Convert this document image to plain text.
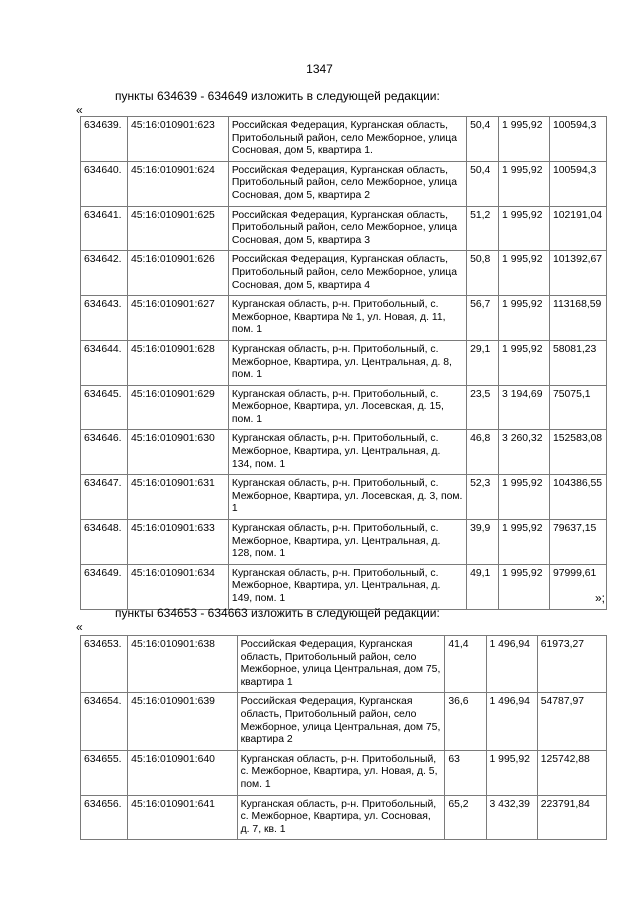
1347
пункты 634639 - 634649 изложить в следующей редакции:
«
634639.	45:16:010901:623	Российская Федерация, Курганская область, Притобольный район, село Межборное, улица Сосновая, дом 5, квартира 1.	50,4	1 995,92	100594,3
634640.	45:16:010901:624	Российская Федерация, Курганская область, Притобольный район, село Межборное, улица Сосновая, дом 5, квартира 2	50,4	1 995,92	100594,3
634641.	45:16:010901:625	Российская Федерация, Курганская область, Притобольный район, село Межборное, улица Сосновая, дом 5, квартира 3	51,2	1 995,92	102191,04
634642.	45:16:010901:626	Российская Федерация, Курганская область, Притобольный район, село Межборное, улица Сосновая, дом 5, квартира 4	50,8	1 995,92	101392,67
634643.	45:16:010901:627	Курганская область, р-н. Притобольный, с. Межборное, Квартира № 1, ул. Новая, д. 11, пом. 1	56,7	1 995,92	113168,59
634644.	45:16:010901:628	Курганская область, р-н. Притобольный, с. Межборное, Квартира, ул. Центральная, д. 8, пом. 1	29,1	1 995,92	58081,23
634645.	45:16:010901:629	Курганская область, р-н. Притобольный, с. Межборное, Квартира, ул. Лосевская, д. 15, пом. 1	23,5	3 194,69	75075,1
634646.	45:16:010901:630	Курганская область, р-н. Притобольный, с. Межборное, Квартира, ул. Центральная, д. 134, пом. 1	46,8	3 260,32	152583,08
634647.	45:16:010901:631	Курганская область, р-н. Притобольный, с. Межборное, Квартира, ул. Лосевская, д. 3, пом. 1	52,3	1 995,92	104386,55
634648.	45:16:010901:633	Курганская область, р-н. Притобольный, с. Межборное, Квартира, ул. Центральная, д. 128, пом. 1	39,9	1 995,92	79637,15
634649.	45:16:010901:634	Курганская область, р-н. Притобольный, с. Межборное, Квартира, ул. Центральная, д. 149, пом. 1	49,1	1 995,92	97999,61
»;
пункты 634653 - 634663 изложить в следующей редакции:
«
634653.	45:16:010901:638	Российская Федерация, Курганская область, Притобольный район, село Межборное, улица Центральная, дом 75, квартира 1	41,4	1 496,94	61973,27
634654.	45:16:010901:639	Российская Федерация, Курганская область, Притобольный район, село Межборное, улица Центральная, дом 75, квартира 2	36,6	1 496,94	54787,97
634655.	45:16:010901:640	Курганская область, р-н. Притобольный, с. Межборное, Квартира, ул. Новая, д. 5, пом. 1	63	1 995,92	125742,88
634656.	45:16:010901:641	Курганская область, р-н. Притобольный, с. Межборное, Квартира, ул. Сосновая, д. 7, кв. 1	65,2	3 432,39	223791,84
